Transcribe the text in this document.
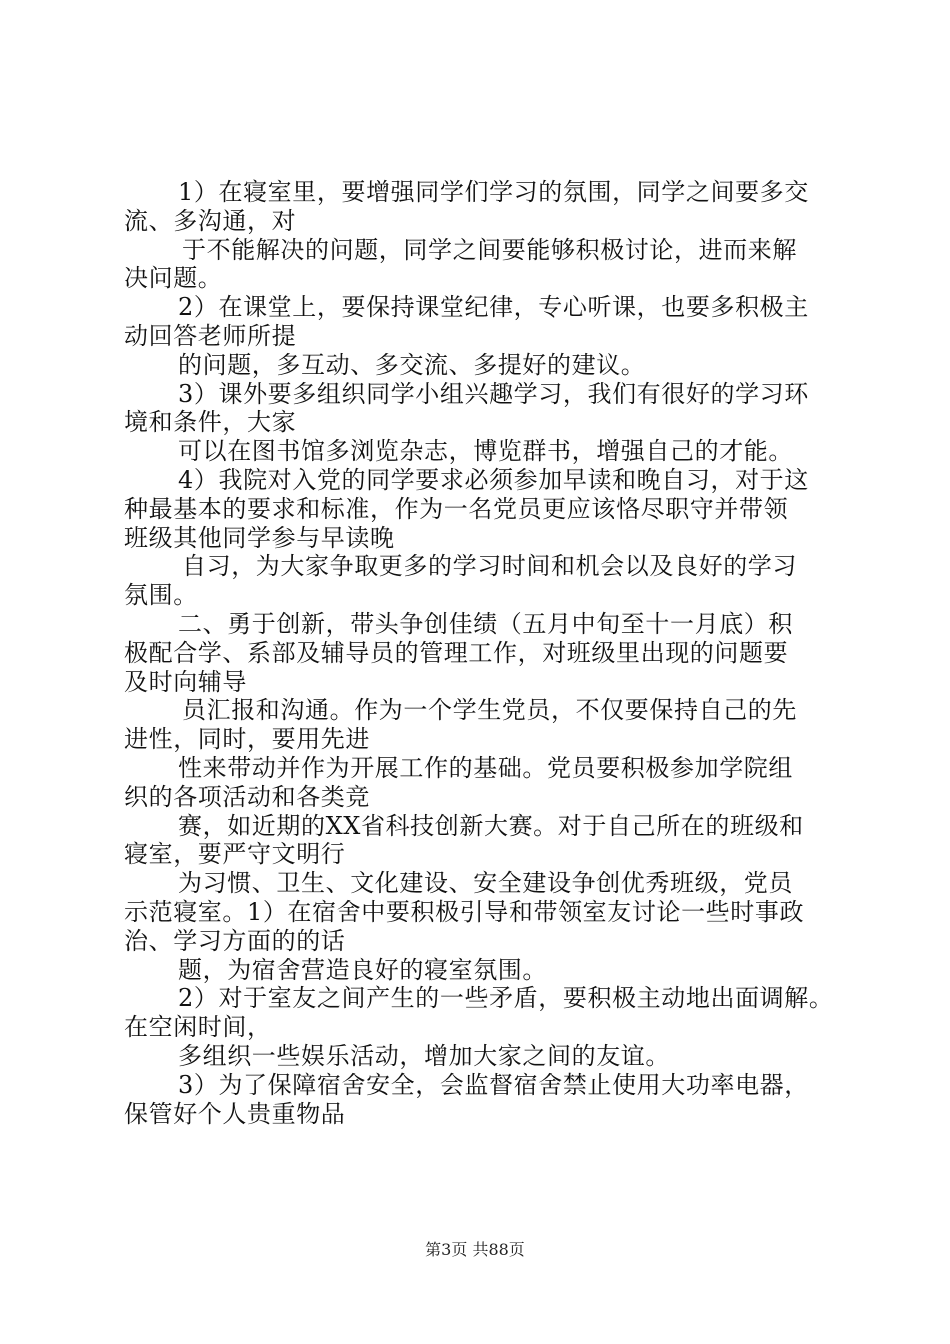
1）在寝室里，要增强同学们学习的氛围，同学之间要多交
流、多沟通，对
于不能解决的问题，同学之间要能够积极讨论，进而来解
决问题。
2）在课堂上，要保持课堂纪律，专心听课，也要多积极主
动回答老师所提
的问题，多互动、多交流、多提好的建议。
3）课外要多组织同学小组兴趣学习，我们有很好的学习环
境和条件，大家
可以在图书馆多浏览杂志，博览群书，增强自己的才能。
4）我院对入党的同学要求必须参加早读和晚自习，对于这
种最基本的要求和标准，作为一名党员更应该恪尽职守并带领
班级其他同学参与早读晚
自习，为大家争取更多的学习时间和机会以及良好的学习
氛围。
二、勇于创新，带头争创佳绩（五月中旬至十一月底）积
极配合学、系部及辅导员的管理工作，对班级里出现的问题要
及时向辅导
员汇报和沟通。作为一个学生党员，不仅要保持自己的先
进性，同时，要用先进
性来带动并作为开展工作的基础。党员要积极参加学院组
织的各项活动和各类竞
赛，如近期的XX省科技创新大赛。对于自己所在的班级和
寝室，要严守文明行
为习惯、卫生、文化建设、安全建设争创优秀班级，党员
示范寝室。1）在宿舍中要积极引导和带领室友讨论一些时事政
治、学习方面的的话
题，为宿舍营造良好的寝室氛围。
2）对于室友之间产生的一些矛盾，要积极主动地出面调解。
在空闲时间，
多组织一些娱乐活动，增加大家之间的友谊。
3）为了保障宿舍安全，会监督宿舍禁止使用大功率电器，
保管好个人贵重物品
第3页 共88页
